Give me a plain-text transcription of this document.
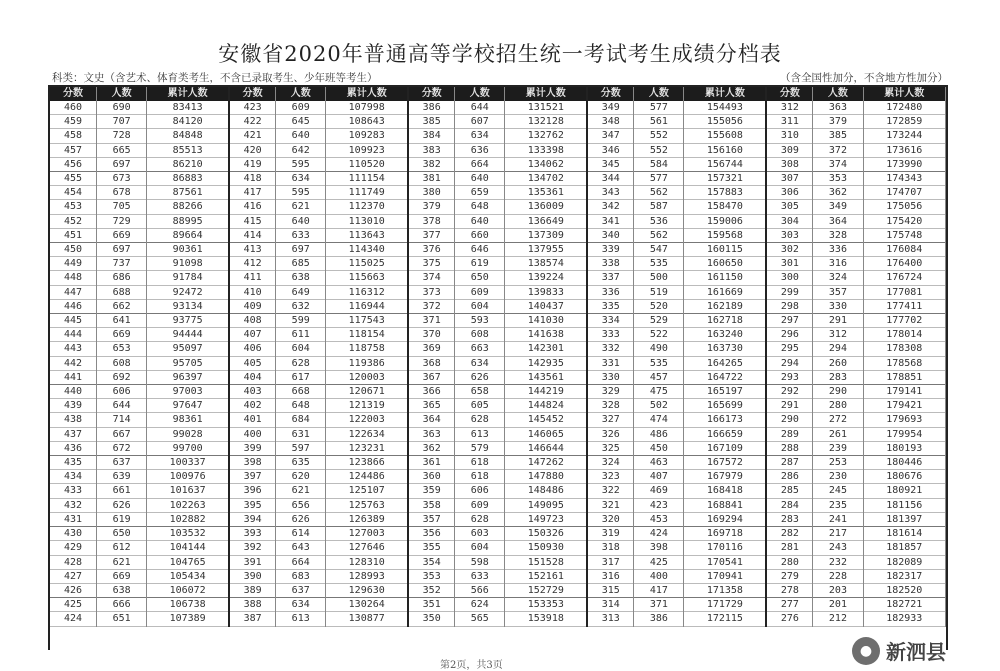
安徽省2020年普通高等学校招生统一考试考生成绩分档表
科类：文史（含艺术、体育类考生，不含已录取考生、少年班等考生）	（含全国性加分，不含地方性加分）
分数	人数	累计人数	分数	人数	累计人数	分数	人数	累计人数	分数	人数	累计人数	分数	人数	累计人数
460	690	83413	423	609	107998	386	644	131521	349	577	154493	312	363	172480
459	707	84120	422	645	108643	385	607	132128	348	561	155056	311	379	172859
458	728	84848	421	640	109283	384	634	132762	347	552	155608	310	385	173244
457	665	85513	420	642	109923	383	636	133398	346	552	156160	309	372	173616
456	697	86210	419	595	110520	382	664	134062	345	584	156744	308	374	173990
455	673	86883	418	634	111154	381	640	134702	344	577	157321	307	353	174343
454	678	87561	417	595	111749	380	659	135361	343	562	157883	306	362	174707
453	705	88266	416	621	112370	379	648	136009	342	587	158470	305	349	175056
452	729	88995	415	640	113010	378	640	136649	341	536	159006	304	364	175420
451	669	89664	414	633	113643	377	660	137309	340	562	159568	303	328	175748
450	697	90361	413	697	114340	376	646	137955	339	547	160115	302	336	176084
449	737	91098	412	685	115025	375	619	138574	338	535	160650	301	316	176400
448	686	91784	411	638	115663	374	650	139224	337	500	161150	300	324	176724
447	688	92472	410	649	116312	373	609	139833	336	519	161669	299	357	177081
446	662	93134	409	632	116944	372	604	140437	335	520	162189	298	330	177411
445	641	93775	408	599	117543	371	593	141030	334	529	162718	297	291	177702
444	669	94444	407	611	118154	370	608	141638	333	522	163240	296	312	178014
443	653	95097	406	604	118758	369	663	142301	332	490	163730	295	294	178308
442	608	95705	405	628	119386	368	634	142935	331	535	164265	294	260	178568
441	692	96397	404	617	120003	367	626	143561	330	457	164722	293	283	178851
440	606	97003	403	668	120671	366	658	144219	329	475	165197	292	290	179141
439	644	97647	402	648	121319	365	605	144824	328	502	165699	291	280	179421
438	714	98361	401	684	122003	364	628	145452	327	474	166173	290	272	179693
437	667	99028	400	631	122634	363	613	146065	326	486	166659	289	261	179954
436	672	99700	399	597	123231	362	579	146644	325	450	167109	288	239	180193
435	637	100337	398	635	123866	361	618	147262	324	463	167572	287	253	180446
434	639	100976	397	620	124486	360	618	147880	323	407	167979	286	230	180676
433	661	101637	396	621	125107	359	606	148486	322	469	168418	285	245	180921
432	626	102263	395	656	125763	358	609	149095	321	423	168841	284	235	181156
431	619	102882	394	626	126389	357	628	149723	320	453	169294	283	241	181397
430	650	103532	393	614	127003	356	603	150326	319	424	169718	282	217	181614
429	612	104144	392	643	127646	355	604	150930	318	398	170116	281	243	181857
428	621	104765	391	664	128310	354	598	151528	317	425	170541	280	232	182089
427	669	105434	390	683	128993	353	633	152161	316	400	170941	279	228	182317
426	638	106072	389	637	129630	352	566	152729	315	417	171358	278	203	182520
425	666	106738	388	634	130264	351	624	153353	314	371	171729	277	201	182721
424	651	107389	387	613	130877	350	565	153918	313	386	172115	276	212	182933
第2页，共3页
● 新泗县
